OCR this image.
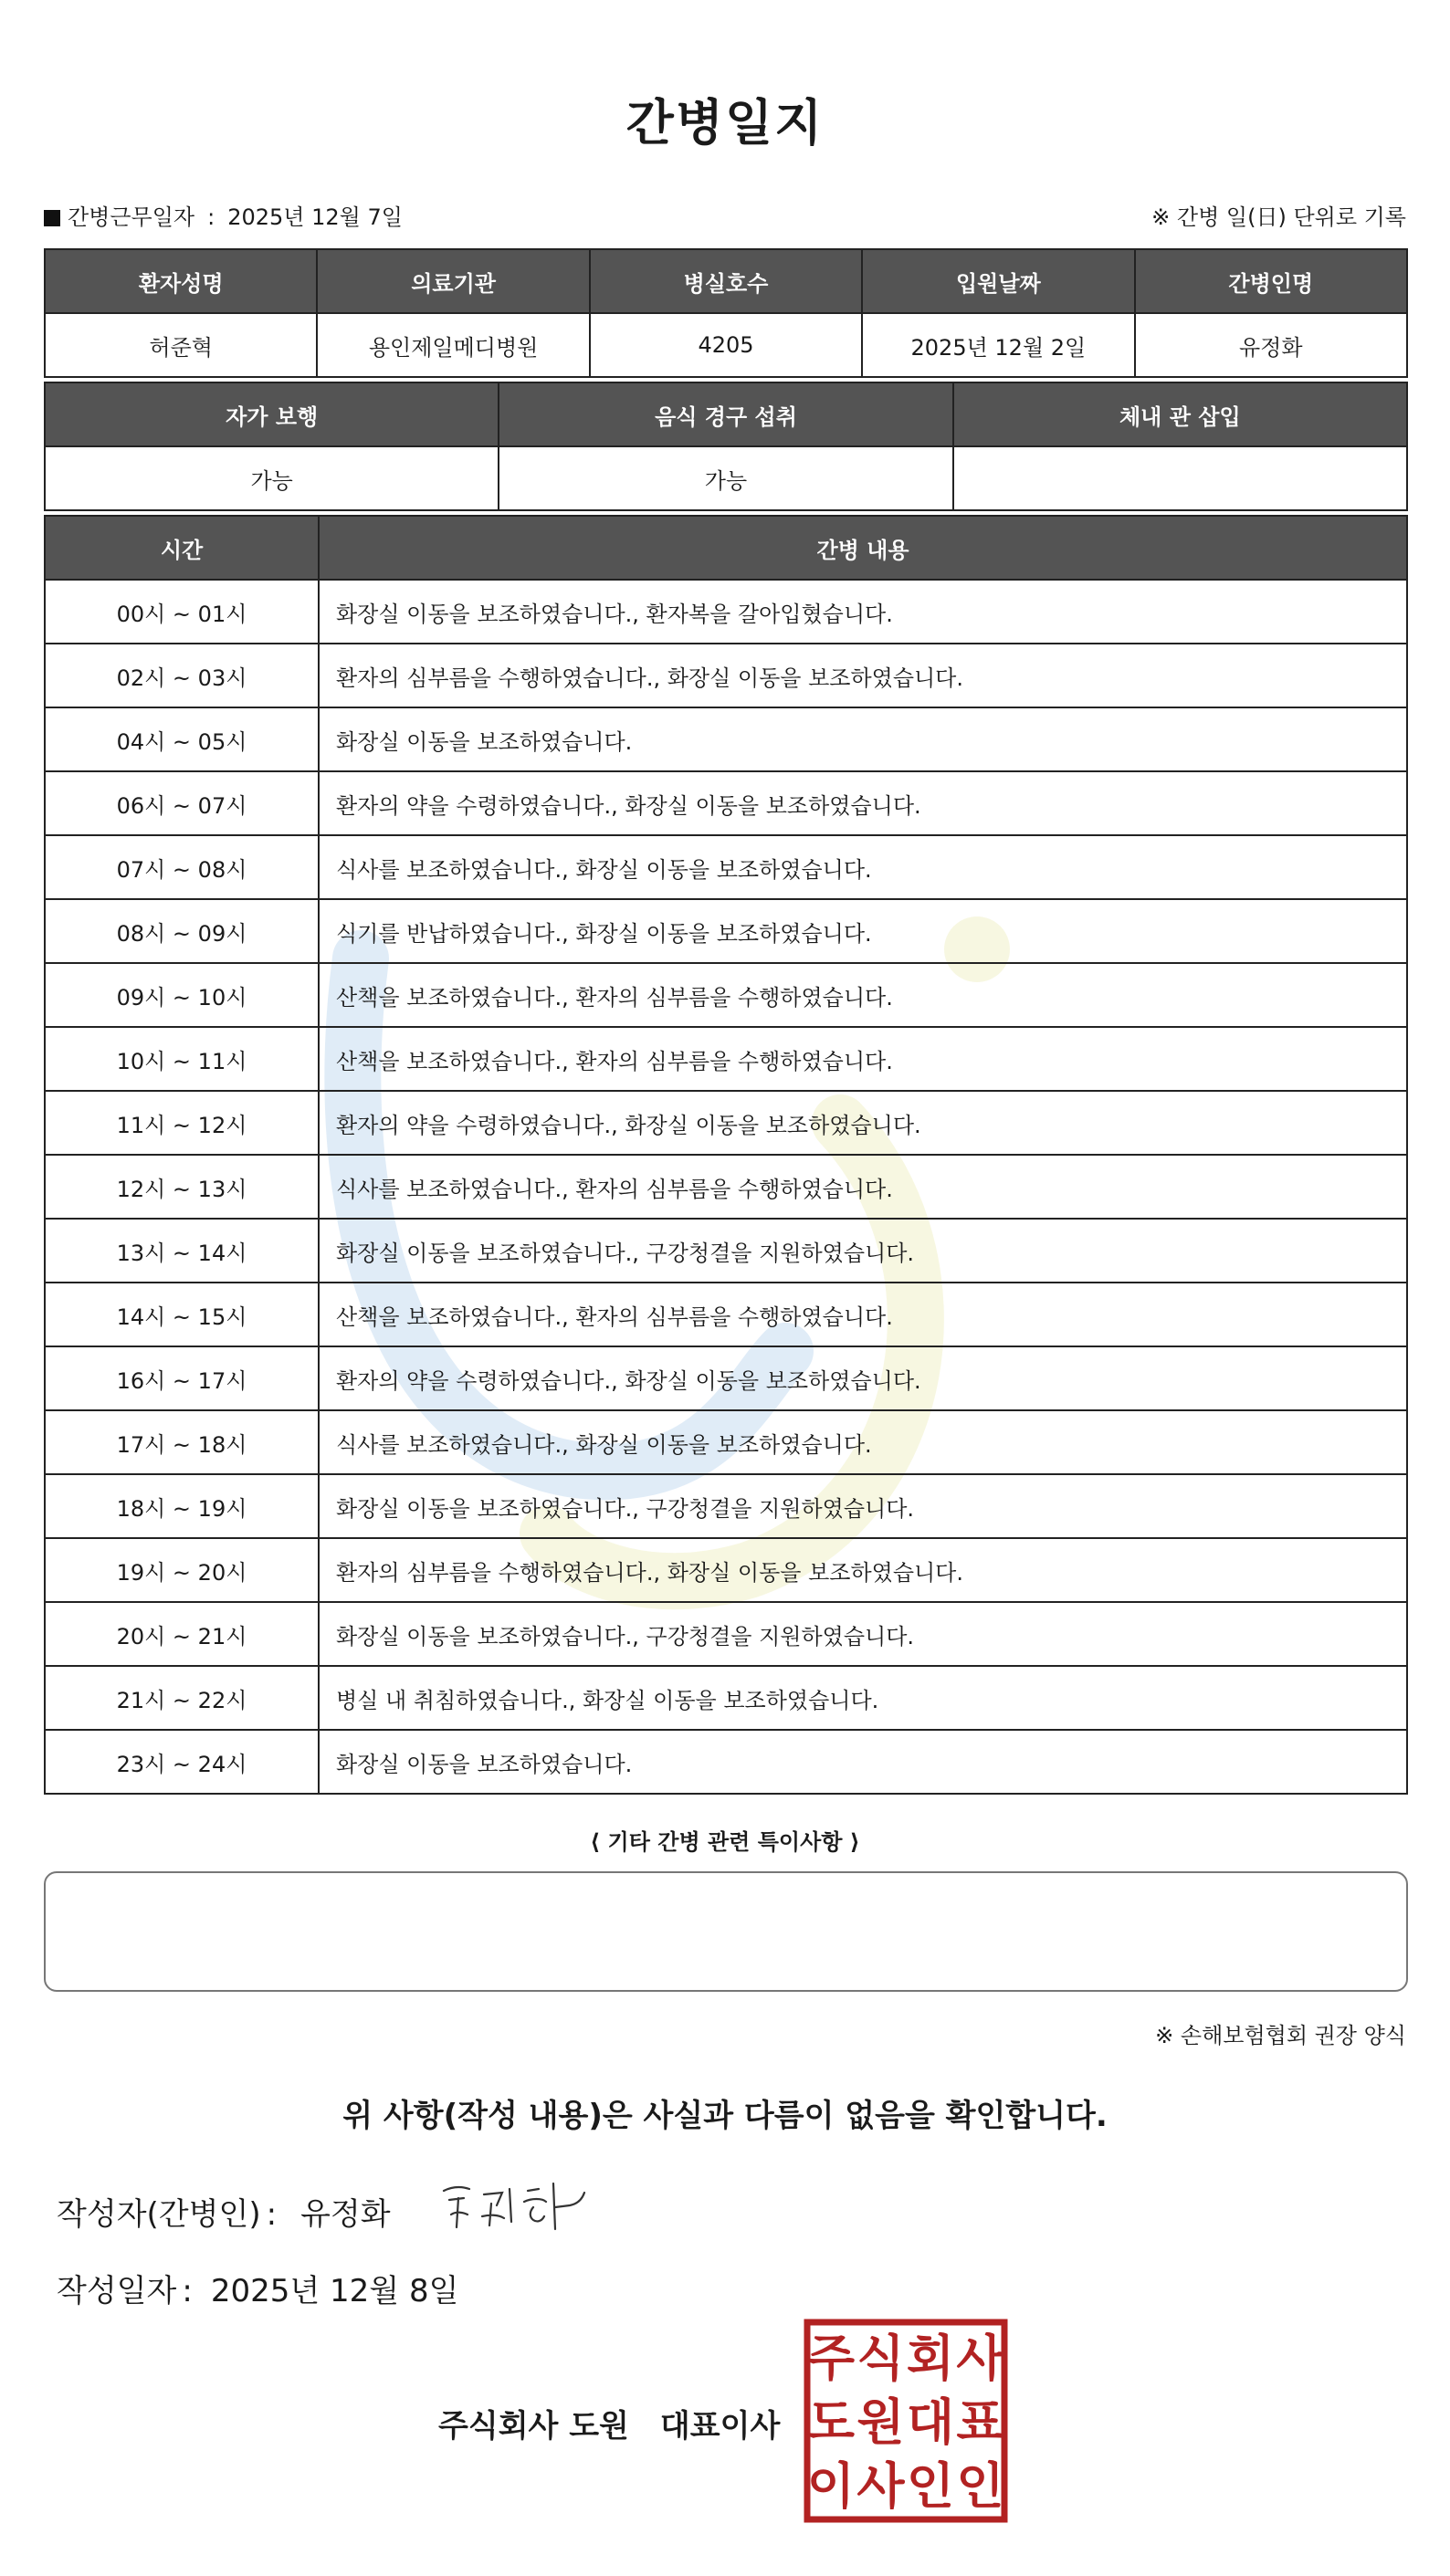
간병일지
간병근무일자 : 2025년 12월 7일	※ 간병 일(日) 단위로 기록
환자성명	의료기관	병실호수	입원날짜	간병인명
허준혁	용인제일메디병원	4205	2025년 12월 2일	유정화
자가 보행	음식 경구 섭취	체내 관 삽입
가능	가능	
시간	간병 내용
00시 ~ 01시	화장실 이동을 보조하였습니다., 환자복을 갈아입혔습니다.
02시 ~ 03시	환자의 심부름을 수행하였습니다., 화장실 이동을 보조하였습니다.
04시 ~ 05시	화장실 이동을 보조하였습니다.
06시 ~ 07시	환자의 약을 수령하였습니다., 화장실 이동을 보조하였습니다.
07시 ~ 08시	식사를 보조하였습니다., 화장실 이동을 보조하였습니다.
08시 ~ 09시	식기를 반납하였습니다., 화장실 이동을 보조하였습니다.
09시 ~ 10시	산책을 보조하였습니다., 환자의 심부름을 수행하였습니다.
10시 ~ 11시	산책을 보조하였습니다., 환자의 심부름을 수행하였습니다.
11시 ~ 12시	환자의 약을 수령하였습니다., 화장실 이동을 보조하였습니다.
12시 ~ 13시	식사를 보조하였습니다., 환자의 심부름을 수행하였습니다.
13시 ~ 14시	화장실 이동을 보조하였습니다., 구강청결을 지원하였습니다.
14시 ~ 15시	산책을 보조하였습니다., 환자의 심부름을 수행하였습니다.
16시 ~ 17시	환자의 약을 수령하였습니다., 화장실 이동을 보조하였습니다.
17시 ~ 18시	식사를 보조하였습니다., 화장실 이동을 보조하였습니다.
18시 ~ 19시	화장실 이동을 보조하였습니다., 구강청결을 지원하였습니다.
19시 ~ 20시	환자의 심부름을 수행하였습니다., 화장실 이동을 보조하였습니다.
20시 ~ 21시	화장실 이동을 보조하였습니다., 구강청결을 지원하였습니다.
21시 ~ 22시	병실 내 취침하였습니다., 화장실 이동을 보조하였습니다.
23시 ~ 24시	화장실 이동을 보조하였습니다.
⟨ 기타 간병 관련 특이사항 ⟩
※ 손해보험협회 권장 양식
위 사항(작성 내용)은 사실과 다름이 없음을 확인합니다.
작성자(간병인) : 유정화
작성일자 : 2025년 12월 8일
주식회사 도원 대표이사
주 식 회 사
도 원 대 표
이 사 인 인
